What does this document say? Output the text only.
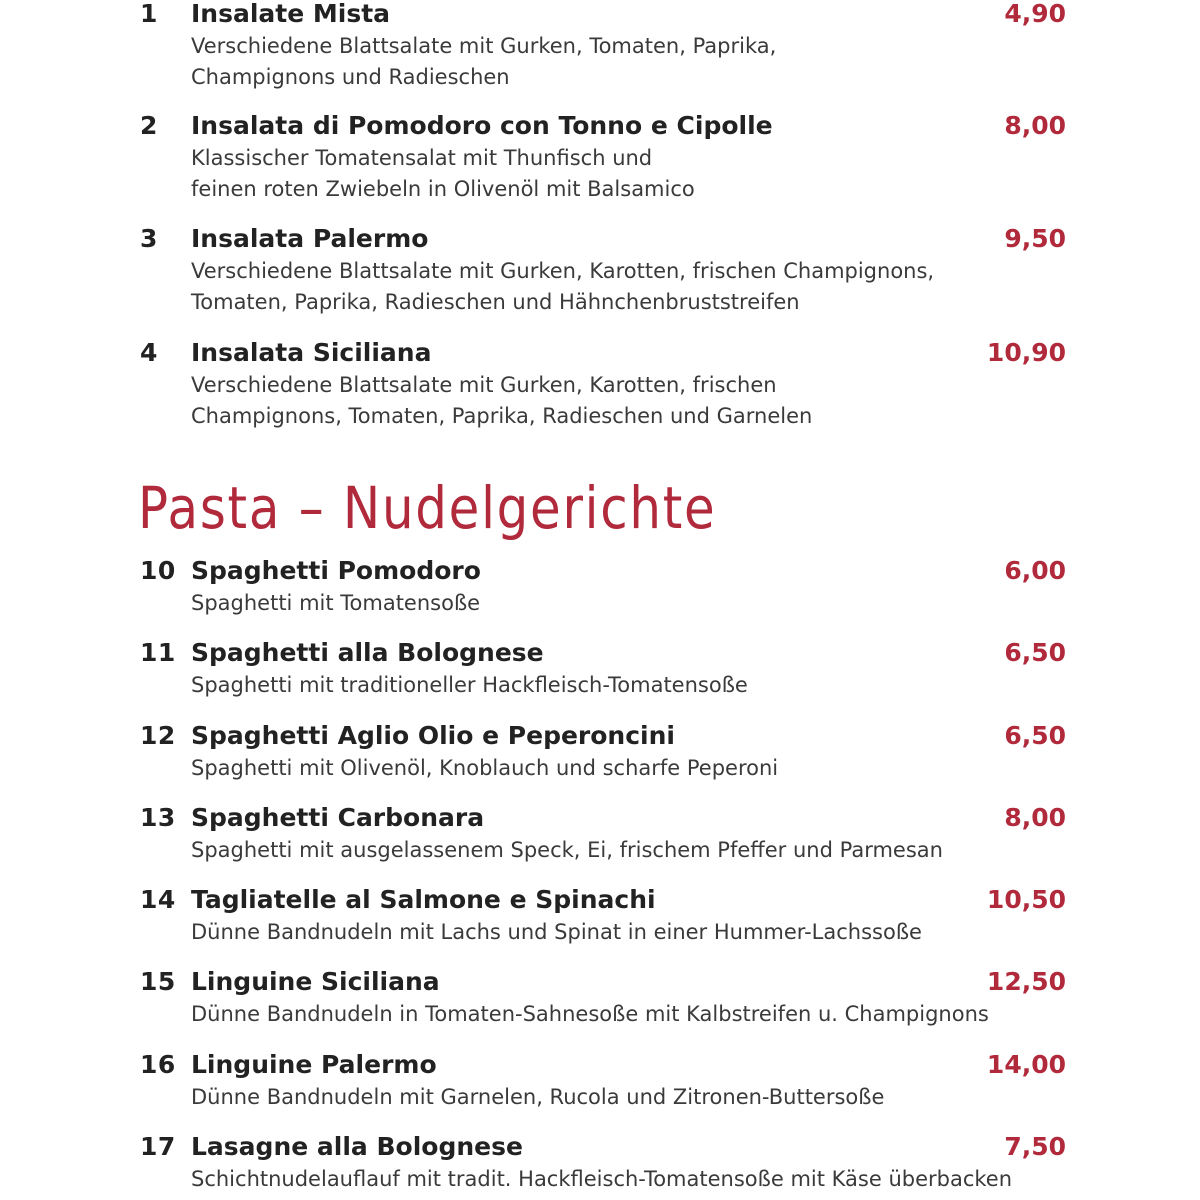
1 Insalate Mista	4,90
Verschiedene Blattsalate mit Gurken, Tomaten, Paprika,
Champignons und Radieschen
2 Insalata di Pomodoro con Tonno e Cipolle	8,00
Klassischer Tomatensalat mit Thunfisch und
feinen roten Zwiebeln in Olivenöl mit Balsamico
3 Insalata Palermo	9,50
Verschiedene Blattsalate mit Gurken, Karotten, frischen Champignons,
Tomaten, Paprika, Radieschen und Hähnchenbruststreifen
4 Insalata Siciliana	10,90
Verschiedene Blattsalate mit Gurken, Karotten, frischen
Champignons, Tomaten, Paprika, Radieschen und Garnelen
Pasta – Nudelgerichte
10 Spaghetti Pomodoro	6,00
Spaghetti mit Tomatensoße
11 Spaghetti alla Bolognese	6,50
Spaghetti mit traditioneller Hackfleisch-Tomatensoße
12 Spaghetti Aglio Olio e Peperoncini	6,50
Spaghetti mit Olivenöl, Knoblauch und scharfe Peperoni
13 Spaghetti Carbonara	8,00
Spaghetti mit ausgelassenem Speck, Ei, frischem Pfeffer und Parmesan
14 Tagliatelle al Salmone e Spinachi	10,50
Dünne Bandnudeln mit Lachs und Spinat in einer Hummer-Lachssoße
15 Linguine Siciliana	12,50
Dünne Bandnudeln in Tomaten-Sahnesoße mit Kalbstreifen u. Champignons
16 Linguine Palermo	14,00
Dünne Bandnudeln mit Garnelen, Rucola und Zitronen-Buttersoße
17 Lasagne alla Bolognese	7,50
Schichtnudelauflauf mit tradit. Hackfleisch-Tomatensoße mit Käse überbacken
